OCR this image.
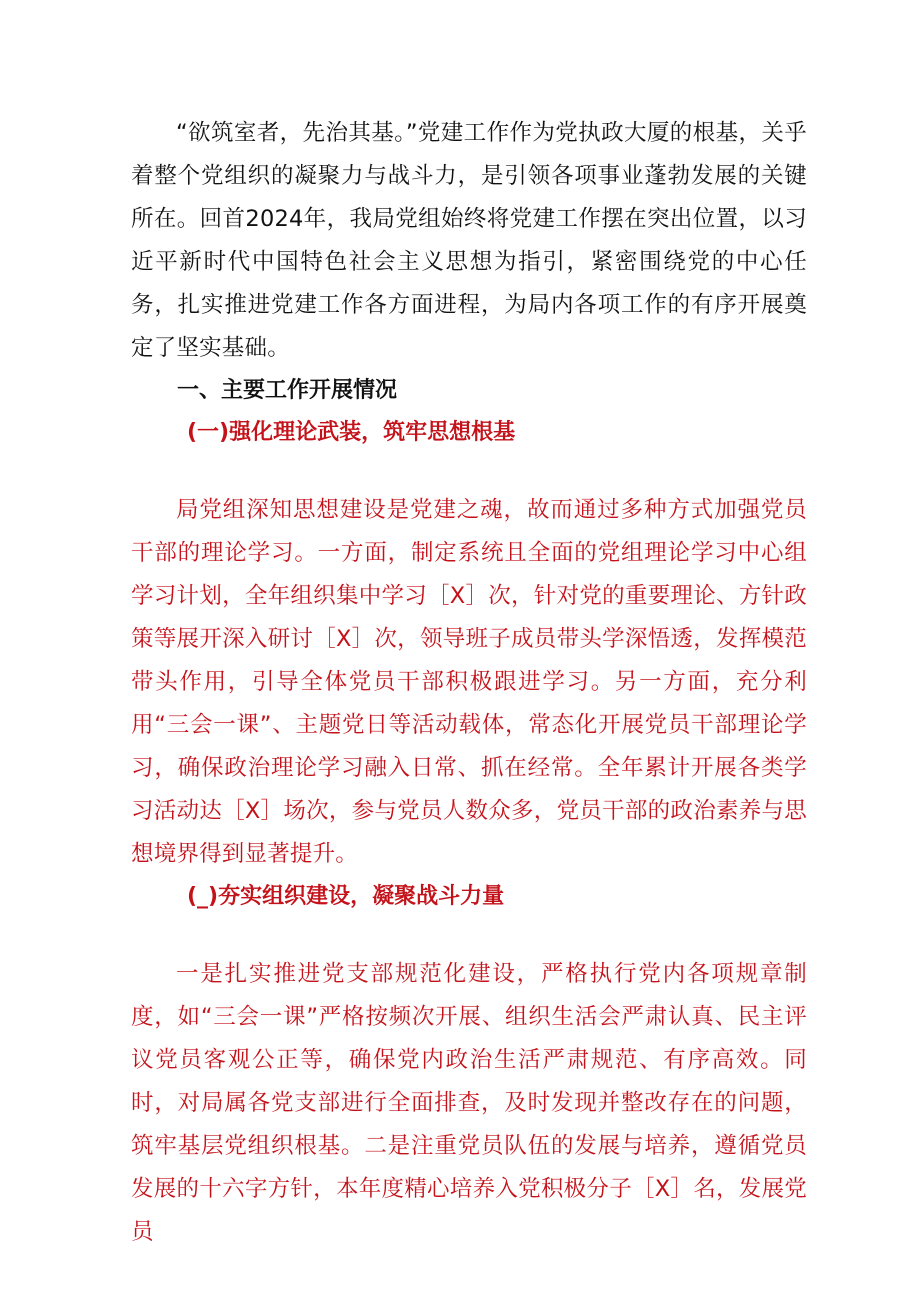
“欲筑室者，先治其基。”党建工作作为党执政大厦的根基，关乎着整个党组织的凝聚力与战斗力，是引领各项事业蓬勃发展的关键所在。回首2024年，我局党组始终将党建工作摆在突出位置，以习近平新时代中国特色社会主义思想为指引，紧密围绕党的中心任务，扎实推进党建工作各方面进程，为局内各项工作的有序开展奠定了坚实基础。

一、主要工作开展情况
(一)强化理论武装，筑牢思想根基

局党组深知思想建设是党建之魂，故而通过多种方式加强党员干部的理论学习。一方面，制定系统且全面的党组理论学习中心组学习计划，全年组织集中学习［X］次，针对党的重要理论、方针政策等展开深入研讨［X］次，领导班子成员带头学深悟透，发挥模范带头作用，引导全体党员干部积极跟进学习。另一方面，充分利用“三会一课”、主题党日等活动载体，常态化开展党员干部理论学习，确保政治理论学习融入日常、抓在经常。全年累计开展各类学习活动达［X］场次，参与党员人数众多，党员干部的政治素养与思想境界得到显著提升。

(_)夯实组织建设，凝聚战斗力量

一是扎实推进党支部规范化建设，严格执行党内各项规章制度，如“三会一课”严格按频次开展、组织生活会严肃认真、民主评议党员客观公正等，确保党内政治生活严肃规范、有序高效。同时，对局属各党支部进行全面排查，及时发现并整改存在的问题，筑牢基层党组织根基。二是注重党员队伍的发展与培养，遵循党员发展的十六字方针，本年度精心培养入党积极分子［X］名，发展党员
